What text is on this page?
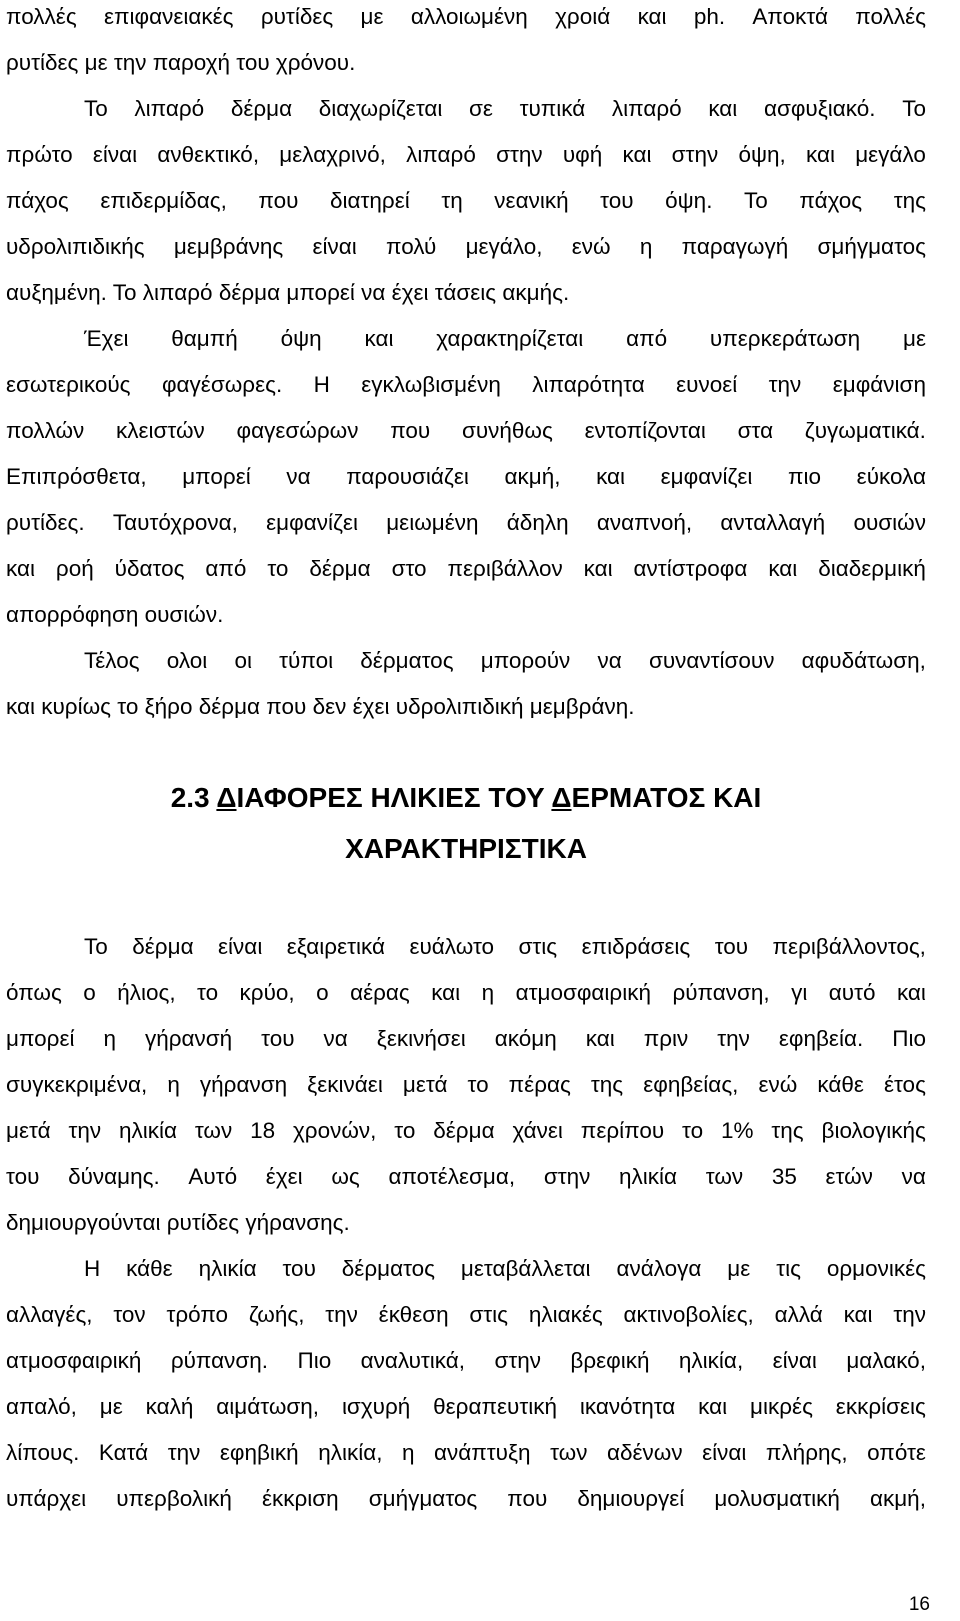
πολλές επιφανειακές ρυτίδες με αλλοιωμένη χροιά και ph. Αποκτά πολλές
ρυτίδες με την παροχή του χρόνου.
Το λιπαρό δέρμα διαχωρίζεται σε τυπικά λιπαρό και ασφυξιακό. Το
πρώτο είναι ανθεκτικό, μελαχρινό, λιπαρό στην υφή και στην όψη, και μεγάλο
πάχος επιδερμίδας, που διατηρεί τη νεανική του όψη. Το πάχος της
υδρολιπιδικής μεμβράνης είναι πολύ μεγάλο, ενώ η παραγωγή σμήγματος
αυξημένη. Το λιπαρό δέρμα μπορεί να έχει τάσεις ακμής.
Έχει θαμπή όψη και χαρακτηρίζεται από υπερκεράτωση με
εσωτερικούς φαγέσωρες. Η εγκλωβισμένη λιπαρότητα ευνοεί την εμφάνιση
πολλών κλειστών φαγεσώρων που συνήθως εντοπίζονται στα ζυγωματικά.
Επιπρόσθετα, μπορεί να παρουσιάζει ακμή, και εμφανίζει πιο εύκολα
ρυτίδες. Ταυτόχρονα, εμφανίζει μειωμένη άδηλη αναπνοή, ανταλλαγή ουσιών
και ροή ύδατος από το δέρμα στο περιβάλλον και αντίστροφα και διαδερμική
απορρόφηση ουσιών.
Τέλος ολοι οι τύποι δέρματος μπορούν να συναντίσουν αφυδάτωση,
και κυρίως το ξήρο δέρμα που δεν έχει υδρολιπιδική μεμβράνη.
2.3 ΔΙΑΦΟΡΕΣ ΗΛΙΚΙΕΣ ΤΟΥ ΔΕΡΜΑΤΟΣ ΚΑΙ
ΧΑΡΑΚΤΗΡΙΣΤΙΚΑ
Το δέρμα είναι εξαιρετικά ευάλωτο στις επιδράσεις του περιβάλλοντος,
όπως ο ήλιος, το κρύο, ο αέρας και η ατμοσφαιρική ρύπανση, γι αυτό και
μπορεί η γήρανσή του να ξεκινήσει ακόμη και πριν την εφηβεία. Πιο
συγκεκριμένα, η γήρανση ξεκινάει μετά το πέρας της εφηβείας, ενώ κάθε έτος
μετά την ηλικία των 18 χρονών, το δέρμα χάνει περίπου το 1% της βιολογικής
του δύναμης. Αυτό έχει ως αποτέλεσμα, στην ηλικία των 35 ετών να
δημιουργούνται ρυτίδες γήρανσης.
Η κάθε ηλικία του δέρματος μεταβάλλεται ανάλογα με τις ορμονικές
αλλαγές, τον τρόπο ζωής, την έκθεση στις ηλιακές ακτινοβολίες, αλλά και την
ατμοσφαιρική ρύπανση. Πιο αναλυτικά, στην βρεφική ηλικία, είναι μαλακό,
απαλό, με καλή αιμάτωση, ισχυρή θεραπευτική ικανότητα και μικρές εκκρίσεις
λίπους. Κατά την εφηβική ηλικία, η ανάπτυξη των αδένων είναι πλήρης, οπότε
υπάρχει υπερβολική έκκριση σμήγματος που δημιουργεί μολυσματική ακμή,
16
